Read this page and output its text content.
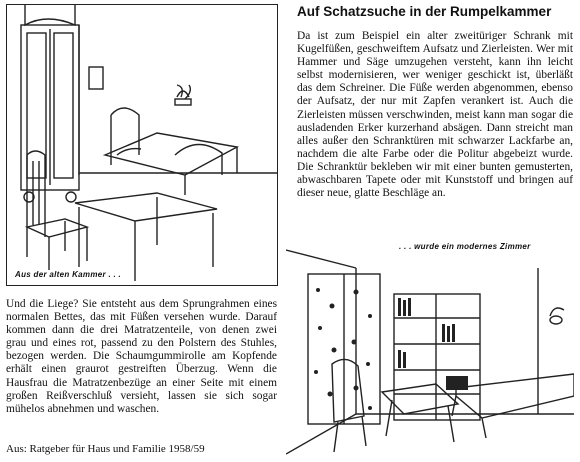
Aus der alten Kammer . . .
Auf Schatzsuche in der Rumpelkammer

Da ist zum Beispiel ein alter zweitüriger Schrank mit Kugelfüßen, geschweiftem Aufsatz und Zierleisten. Wer mit Hammer und Säge umzugehen versteht, kann ihn leicht selbst modernisieren, wer weniger geschickt ist, überläßt das dem Schreiner. Die Füße werden abgenommen, ebenso der Aufsatz, der nur mit Zapfen verankert ist. Auch die Zierleisten müssen verschwinden, meist kann man sogar die ausladenden Erker kurzerhand absägen. Dann streicht man alles außer den Schranktüren mit schwarzer Lackfarbe an, nachdem die alte Farbe oder die Politur abgebeizt wurde. Die Schranktür bekleben wir mit einer bunten gemusterten, abwaschbaren Tapete oder mit Kunststoff und bringen auf dieser neue, glatte Beschläge an.

. . . wurde ein modernes Zimmer

Und die Liege? Sie entsteht aus dem Sprungrahmen eines normalen Bettes, das mit Füßen versehen wurde. Darauf kommen dann die drei Matratzenteile, von denen zwei grau und eines rot, passend zu den Polstern des Stuhles, bezogen werden. Die Schaumgummirolle am Kopfende erhält einen graurot gestreiften Überzug. Wenn die Hausfrau die Matratzenbezüge an einer Seite mit einem großen Reißverschluß versieht, lassen sie sich sogar mühelos abnehmen und waschen.

Aus: Ratgeber für Haus und Familie 1958/59
